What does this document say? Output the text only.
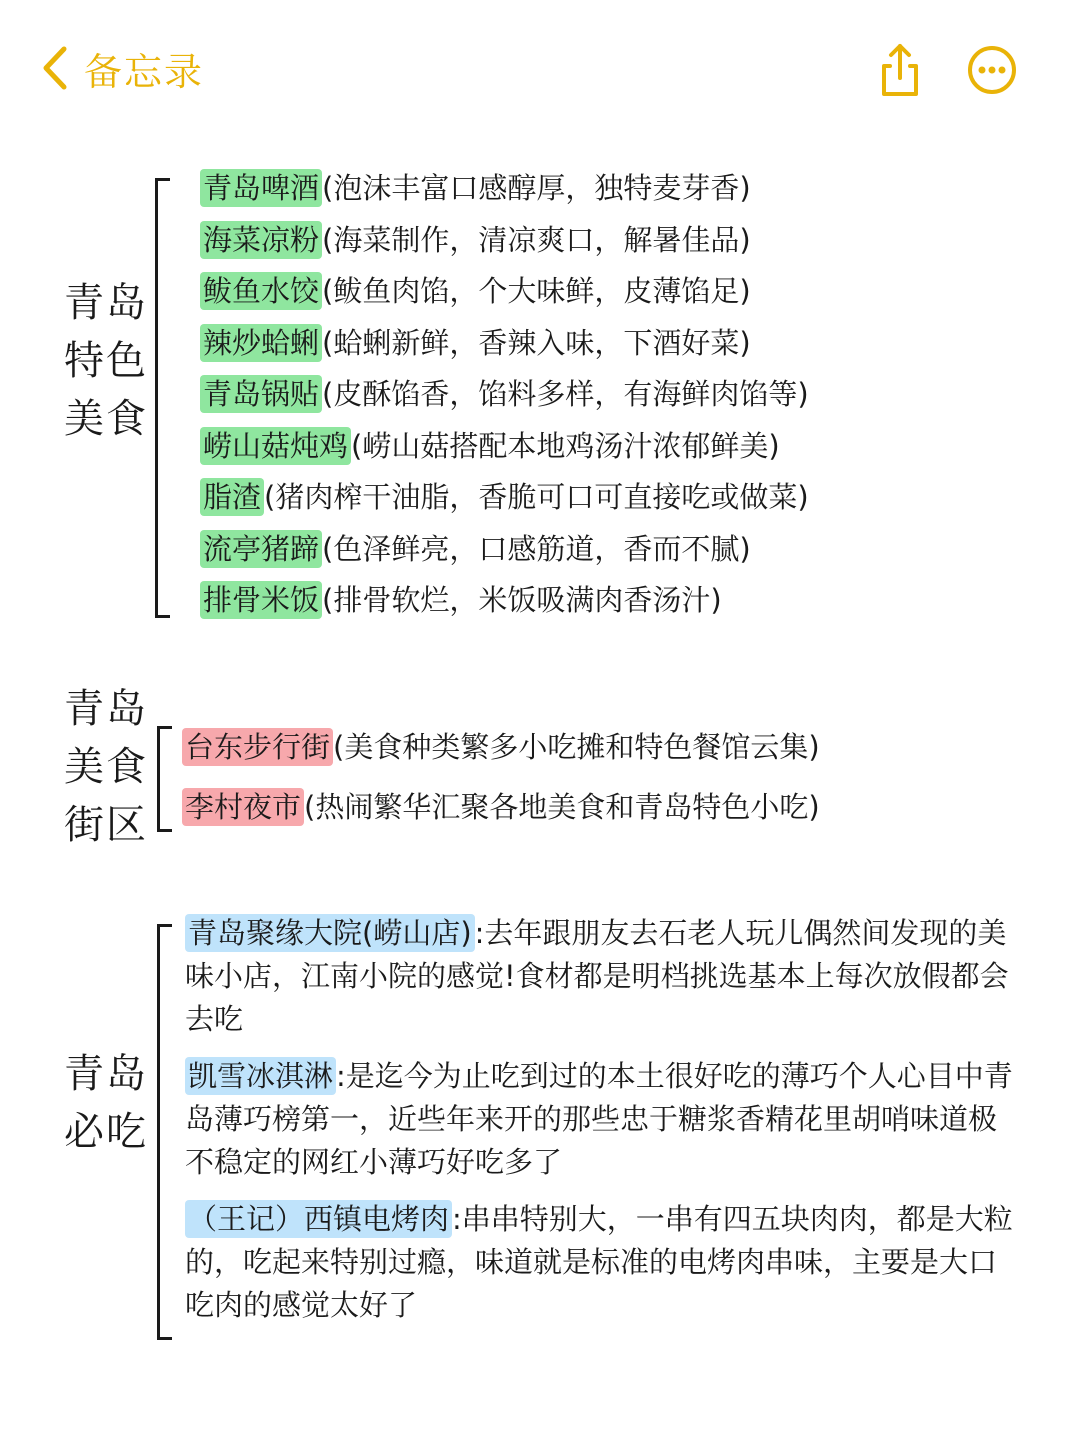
备忘录
青岛
特色
美食
青岛啤酒 (泡沫丰富口感醇厚，独特麦芽香)
海菜凉粉 (海菜制作，清凉爽口，解暑佳品)
鲅鱼水饺 (鲅鱼肉馅，个大味鲜，皮薄馅足)
辣炒蛤蜊 (蛤蜊新鲜，香辣入味，下酒好菜)
青岛锅贴 (皮酥馅香，馅料多样，有海鲜肉馅等)
崂山菇炖鸡 (崂山菇搭配本地鸡汤汁浓郁鲜美)
脂渣 (猪肉榨干油脂，香脆可口可直接吃或做菜)
流亭猪蹄 (色泽鲜亮，口感筋道，香而不腻)
排骨米饭 (排骨软烂，米饭吸满肉香汤汁)
青岛
美食
街区
台东步行街 (美食种类繁多小吃摊和特色餐馆云集)
李村夜市 (热闹繁华汇聚各地美食和青岛特色小吃)
青岛
必吃
青岛聚缘大院(崂山店) :去年跟朋友去石老人玩儿偶然间发现的美味小店，江南小院的感觉!食材都是明档挑选基本上每次放假都会去吃
凯雪冰淇淋 :是迄今为止吃到过的本土很好吃的薄巧个人心目中青岛薄巧榜第一，近些年来开的那些忠于糖浆香精花里胡哨味道极不稳定的网红小薄巧好吃多了
（王记）西镇电烤肉 :串串特别大，一串有四五块肉肉，都是大粒的，吃起来特别过瘾，味道就是标准的电烤肉串味，主要是大口吃肉的感觉太好了
